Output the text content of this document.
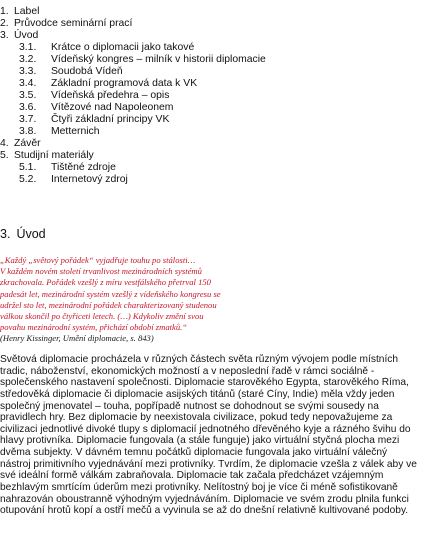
1. Label
2. Průvodce seminární prací
3. Úvod
3.1. Krátce o diplomacii jako takové
3.2. Vídeňský kongres – milník v historii diplomacie
3.3. Soudobá Vídeň
3.4. Základní programová data k VK
3.5. Vídeňská předehra – opis
3.6. Vítězové nad Napoleonem
3.7. Čtyři základní principy VK
3.8. Metternich
4. Závěr
5. Studijní materiály
5.1. Tištěné zdroje
5.2. Internetový zdroj
3. Úvod
„Každý „světový pořádek“ vyjadřuje touhu po stálosti…
V každém novém století trvanlivost mezinárodních systémů
zkrachovala. Pořádek vzešlý z míru vestfálského přetrval 150
padesát let, mezinárodní systém vzešlý z vídeňského kongresu se
udržel sto let, mezinárodní pořádek charakterizovaný studenou
válkou skončil po čtyřiceti letech. (…) Kdykoliv změní svou
povahu mezinárodní systém, přichází období zmatků.“
(Henry Kissinger, Umění diplomacie, s. 843)
Světová diplomacie procházela v různých částech světa různým vývojem podle místních
tradic, náboženství, ekonomických možností a v neposlední řadě v rámci sociálně -
společenského nastavení společnosti. Diplomacie starověkého Egypta, starověkého Říma,
středověká diplomacie či diplomacie asijských titánů (staré Číny, Indie) měla vždy jeden
společný jmenovatel – touha, popřípadě nutnost se dohodnout se svými sousedy na
pravidlech hry. Bez diplomacie by neexistovala civilizace, pokud tedy nepovažujeme za
civilizaci jednotlivé divoké tlupy s diplomacií jednotného dřevěného kyje a rázného švihu do
hlavy protivníka. Diplomacie fungovala (a stále funguje) jako virtuální styčná plocha mezi
dvěma subjekty. V dávném temnu počátků diplomacie fungovala jako virtuální válečný
nástroj primitivního vyjednávání mezi protivníky. Tvrdím, že diplomacie vzešla z válek aby ve
své ideální formě válkám zabraňovala. Diplomacie tak začala předcházet vzájemným
bezhlavým smrtícím úderům mezi protivníky. Nelítostný boj je více či méně sofistikovaně
nahrazován oboustranně výhodným vyjednáváním. Diplomacie ve svém zrodu plnila funkci
otupování hrotů kopí a ostří mečů a vyvinula se až do dnešní relativně kultivované podoby.
